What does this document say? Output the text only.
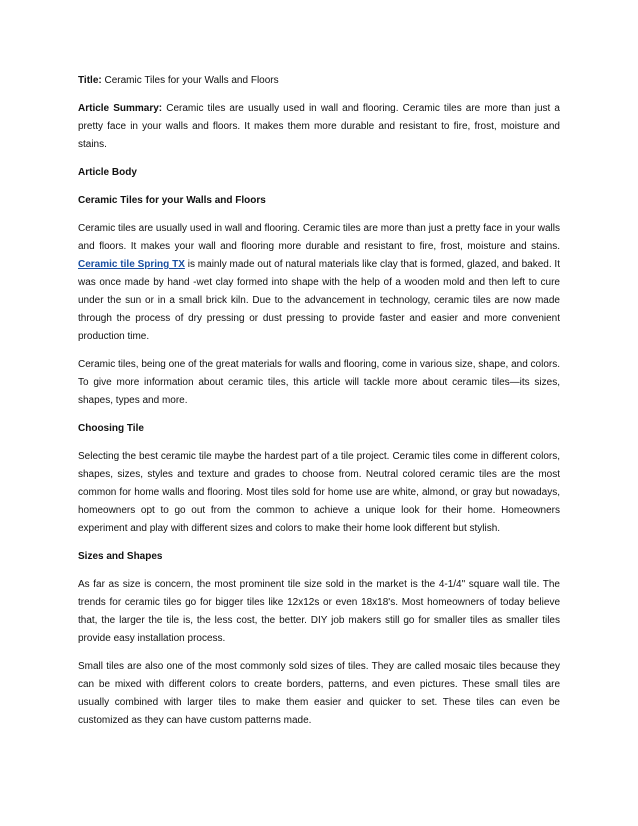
Title: Ceramic Tiles for your Walls and Floors

Article Summary: Ceramic tiles are usually used in wall and flooring. Ceramic tiles are more than just a pretty face in your walls and floors. It makes them more durable and resistant to fire, frost, moisture and stains.

Article Body

Ceramic Tiles for your Walls and Floors

Ceramic tiles are usually used in wall and flooring. Ceramic tiles are more than just a pretty face in your walls and floors. It makes your wall and flooring more durable and resistant to fire, frost, moisture and stains. Ceramic tile Spring TX is mainly made out of natural materials like clay that is formed, glazed, and baked. It was once made by hand -wet clay formed into shape with the help of a wooden mold and then left to cure under the sun or in a small brick kiln. Due to the advancement in technology, ceramic tiles are now made through the process of dry pressing or dust pressing to provide faster and easier and more convenient production time.

Ceramic tiles, being one of the great materials for walls and flooring, come in various size, shape, and colors. To give more information about ceramic tiles, this article will tackle more about ceramic tiles—its sizes, shapes, types and more.

Choosing Tile

Selecting the best ceramic tile maybe the hardest part of a tile project. Ceramic tiles come in different colors, shapes, sizes, styles and texture and grades to choose from. Neutral colored ceramic tiles are the most common for home walls and flooring. Most tiles sold for home use are white, almond, or gray but nowadays, homeowners opt to go out from the common to achieve a unique look for their home. Homeowners experiment and play with different sizes and colors to make their home look different but stylish.

Sizes and Shapes

As far as size is concern, the most prominent tile size sold in the market is the 4-1/4" square wall tile. The trends for ceramic tiles go for bigger tiles like 12x12s or even 18x18's. Most homeowners of today believe that, the larger the tile is, the less cost, the better. DIY job makers still go for smaller tiles as smaller tiles provide easy installation process.

Small tiles are also one of the most commonly sold sizes of tiles. They are called mosaic tiles because they can be mixed with different colors to create borders, patterns, and even pictures. These small tiles are usually combined with larger tiles to make them easier and quicker to set. These tiles can even be customized as they can have custom patterns made.
